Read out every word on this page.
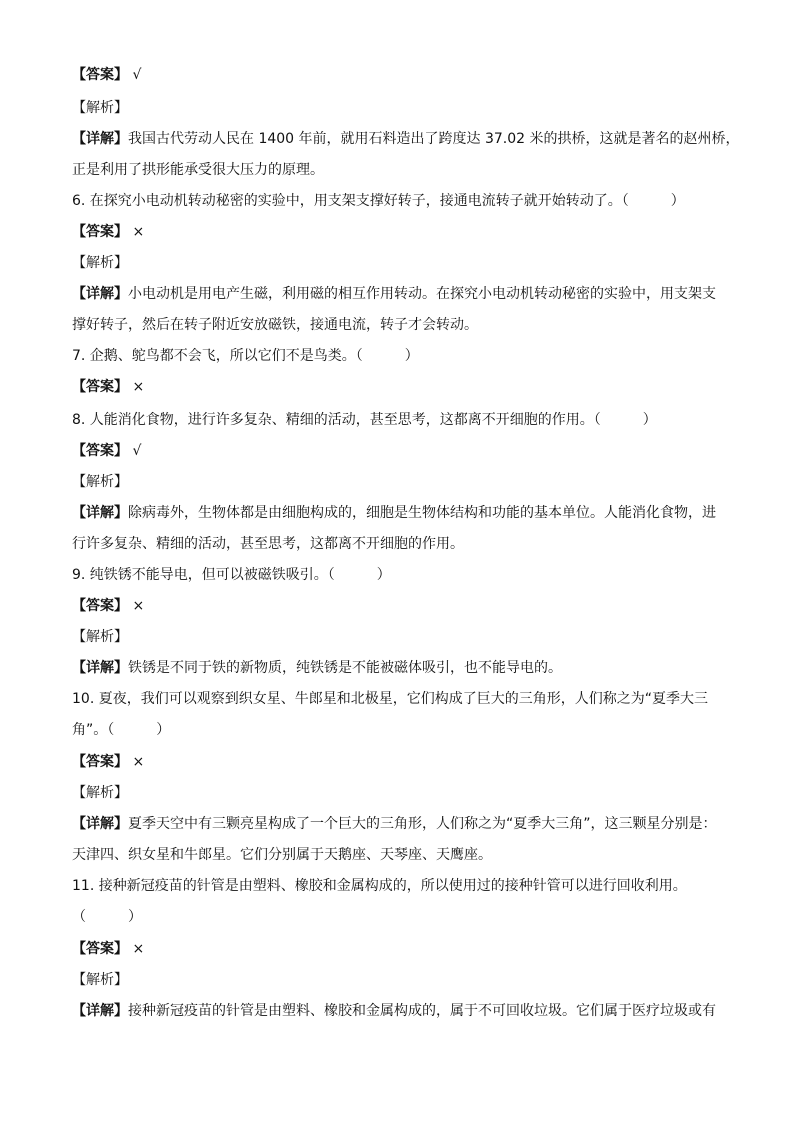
【答案】 √
【解析】
【详解】我国古代劳动人民在 1400 年前，就用石料造出了跨度达 37.02 米的拱桥，这就是著名的赵州桥，
正是利用了拱形能承受很大压力的原理。
6. 在探究小电动机转动秘密的实验中，用支架支撑好转子，接通电流转子就开始转动了。（　　　）
【答案】 ×
【解析】
【详解】小电动机是用电产生磁，利用磁的相互作用转动。在探究小电动机转动秘密的实验中，用支架支
撑好转子，然后在转子附近安放磁铁，接通电流，转子才会转动。
7. 企鹅、鸵鸟都不会飞，所以它们不是鸟类。（　　　）
【答案】 ×
8. 人能消化食物，进行许多复杂、精细的活动，甚至思考，这都离不开细胞的作用。（　　　）
【答案】 √
【解析】
【详解】除病毒外，生物体都是由细胞构成的，细胞是生物体结构和功能的基本单位。人能消化食物，进
行许多复杂、精细的活动，甚至思考，这都离不开细胞的作用。
9. 纯铁锈不能导电，但可以被磁铁吸引。（　　　）
【答案】 ×
【解析】
【详解】铁锈是不同于铁的新物质，纯铁锈是不能被磁体吸引，也不能导电的。
10. 夏夜，我们可以观察到织女星、牛郎星和北极星，它们构成了巨大的三角形，人们称之为“夏季大三
角”。（　　　）
【答案】 ×
【解析】
【详解】夏季天空中有三颗亮星构成了一个巨大的三角形，人们称之为“夏季大三角”，这三颗星分别是：
天津四、织女星和牛郎星。它们分别属于天鹅座、天琴座、天鹰座。
11. 接种新冠疫苗的针管是由塑料、橡胶和金属构成的，所以使用过的接种针管可以进行回收利用。
（　　　）
【答案】 ×
【解析】
【详解】接种新冠疫苗的针管是由塑料、橡胶和金属构成的，属于不可回收垃圾。它们属于医疗垃圾或有
